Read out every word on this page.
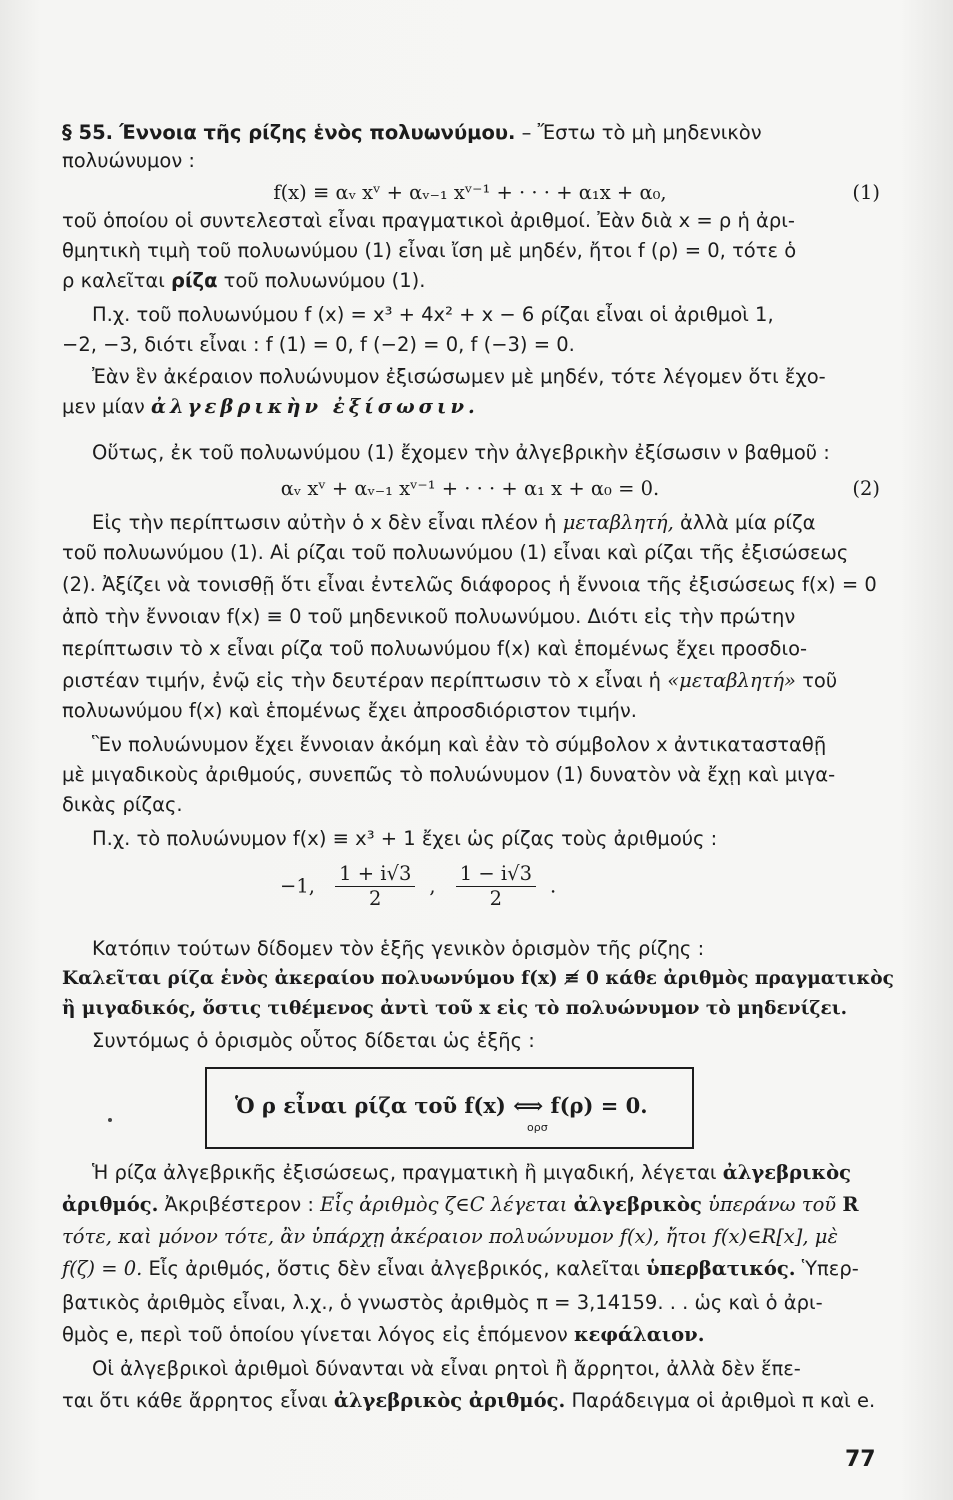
§ 55. Έννοια τῆς ρίζης ἑνὸς πολυωνύμου. – Ἔστω τὸ μὴ μηδενικὸν
πολυώνυμον :
f(x) ≡ αᵥ xᵛ + αᵥ₋₁ xᵛ⁻¹ + · · · + α₁x + α₀,	(1)
τοῦ ὁποίου οἱ συντελεσταὶ εἶναι πραγματικοὶ ἀριθμοί. Ἐὰν διὰ x = ρ ἡ ἀρι-
θμητικὴ τιμὴ τοῦ πολυωνύμου (1) εἶναι ἴση μὲ μηδέν, ἤτοι f (ρ) = 0, τότε ὁ
ρ καλεῖται ρίζα τοῦ πολυωνύμου (1).
Π.χ. τοῦ πολυωνύμου f (x) = x³ + 4x² + x − 6 ρίζαι εἶναι οἱ ἀριθμοὶ 1,
−2, −3, διότι εἶναι : f (1) = 0, f (−2) = 0, f (−3) = 0.
Ἐὰν ἓν ἀκέραιον πολυώνυμον ἐξισώσωμεν μὲ μηδέν, τότε λέγομεν ὅτι ἔχο-
μεν μίαν ἀλγεβρικὴν ἐξίσωσιν.
Οὕτως, ἐκ τοῦ πολυωνύμου (1) ἔχομεν τὴν ἀλγεβρικὴν ἐξίσωσιν ν βαθμοῦ :
αᵥ xᵛ + αᵥ₋₁ xᵛ⁻¹ + · · · + α₁ x + α₀ = 0.	(2)
Εἰς τὴν περίπτωσιν αὐτὴν ὁ x δὲν εἶναι πλέον ἡ μεταβλητή, ἀλλὰ μία ρίζα
τοῦ πολυωνύμου (1). Αἱ ρίζαι τοῦ πολυωνύμου (1) εἶναι καὶ ρίζαι τῆς ἐξισώσεως
(2). Ἀξίζει νὰ τονισθῇ ὅτι εἶναι ἐντελῶς διάφορος ἡ ἔννοια τῆς ἐξισώσεως f(x) = 0
ἀπὸ τὴν ἔννοιαν f(x) ≡ 0 τοῦ μηδενικοῦ πολυωνύμου. Διότι εἰς τὴν πρώτην
περίπτωσιν τὸ x εἶναι ρίζα τοῦ πολυωνύμου f(x) καὶ ἑπομένως ἔχει προσδιο-
ριστέαν τιμήν, ἐνῷ εἰς τὴν δευτέραν περίπτωσιν τὸ x εἶναι ἡ «μεταβλητή» τοῦ
πολυωνύμου f(x) καὶ ἑπομένως ἔχει ἀπροσδιόριστον τιμήν.
Ἓν πολυώνυμον ἔχει ἔννοιαν ἀκόμη καὶ ἐὰν τὸ σύμβολον x ἀντικατασταθῇ
μὲ μιγαδικοὺς ἀριθμούς, συνεπῶς τὸ πολυώνυμον (1) δυνατὸν νὰ ἔχῃ καὶ μιγα-
δικὰς ρίζας.
Π.χ. τὸ πολυώνυμον f(x) ≡ x³ + 1 ἔχει ὡς ρίζας τοὺς ἀριθμούς :
−1, $\frac{1 + i√3}{2}$ , $\frac{1 - i√3}{2}$ .
Κατόπιν τούτων δίδομεν τὸν ἑξῆς γενικὸν ὁρισμὸν τῆς ρίζης :
Καλεῖται ρίζα ἑνὸς ἀκεραίου πολυωνύμου f(x) ≢ 0 κάθε ἀριθμὸς πραγματικὸς
ἢ μιγαδικός, ὅστις τιθέμενος ἀντὶ τοῦ x εἰς τὸ πολυώνυμον τὸ μηδενίζει.
Συντόμως ὁ ὁρισμὸς οὗτος δίδεται ὡς ἑξῆς :
Ὁ ρ εἶναι ρίζα τοῦ f(x) ⟺ f(ρ) = 0.
ορσ
Ἡ ρίζα ἀλγεβρικῆς ἐξισώσεως, πραγματικὴ ἢ μιγαδική, λέγεται ἀλγεβρικὸς
ἀριθμός. Ἀκριβέστερον : Εἷς ἀριθμὸς ζ∈C λέγεται ἀλγεβρικὸς ὑπεράνω τοῦ R
τότε, καὶ μόνον τότε, ἂν ὑπάρχῃ ἀκέραιον πολυώνυμον f(x), ἤτοι f(x)∈R[x], μὲ
f(ζ) = 0. Εἷς ἀριθμός, ὅστις δὲν εἶναι ἀλγεβρικός, καλεῖται ὑπερβατικός. Ὑπερ-
βατικὸς ἀριθμὸς εἶναι, λ.χ., ὁ γνωστὸς ἀριθμὸς π = 3,14159. . . ὡς καὶ ὁ ἀρι-
θμὸς e, περὶ τοῦ ὁποίου γίνεται λόγος εἰς ἑπόμενον κεφάλαιον.
Οἱ ἀλγεβρικοὶ ἀριθμοὶ δύνανται νὰ εἶναι ρητοὶ ἢ ἄρρητοι, ἀλλὰ δὲν ἕπε-
ται ὅτι κάθε ἄρρητος εἶναι ἀλγεβρικὸς ἀριθμός. Παράδειγμα οἱ ἀριθμοὶ π καὶ e.
77
